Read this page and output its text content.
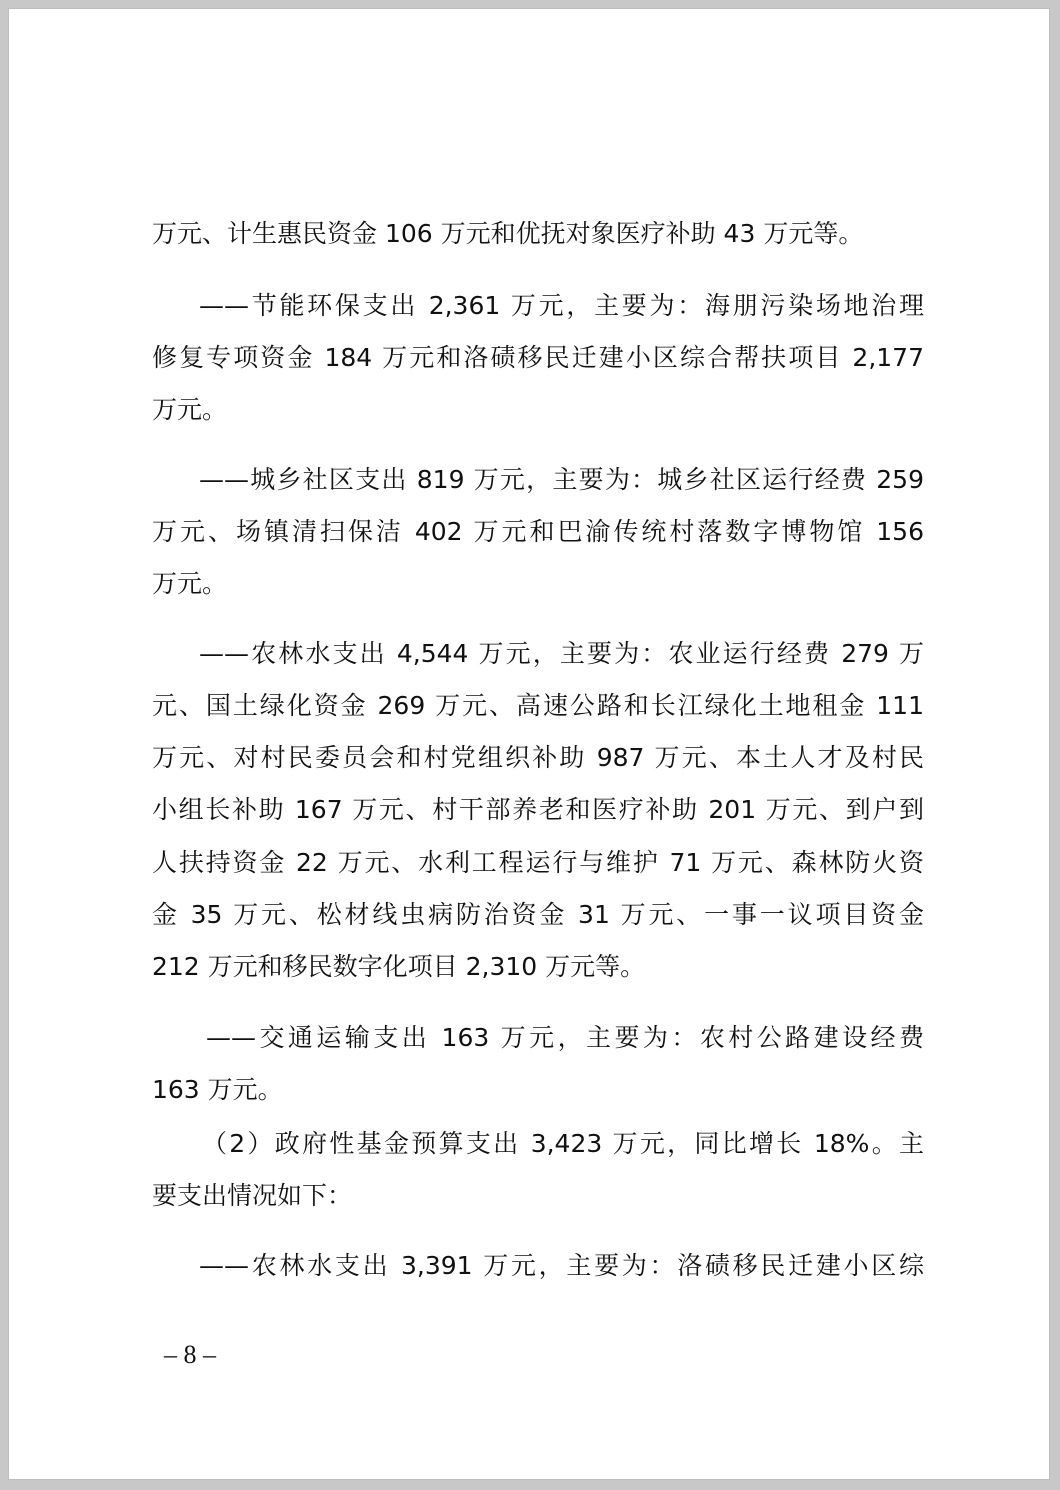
万元、计生惠民资金 106 万元和优抚对象医疗补助 43 万元等。
——节能环保支出 2,361 万元，主要为：海朋污染场地治理
修复专项资金 184 万元和洛碛移民迁建小区综合帮扶项目 2,177
万元。
——城乡社区支出 819 万元，主要为：城乡社区运行经费 259
万元、场镇清扫保洁 402 万元和巴渝传统村落数字博物馆 156
万元。
——农林水支出 4,544 万元，主要为：农业运行经费 279 万
元、国土绿化资金 269 万元、高速公路和长江绿化土地租金 111
万元、对村民委员会和村党组织补助 987 万元、本土人才及村民
小组长补助 167 万元、村干部养老和医疗补助 201 万元、到户到
人扶持资金 22 万元、水利工程运行与维护 71 万元、森林防火资
金 35 万元、松材线虫病防治资金 31 万元、一事一议项目资金
212 万元和移民数字化项目 2,310 万元等。
——交通运输支出 163 万元，主要为：农村公路建设经费
163 万元。
（2）政府性基金预算支出 3,423 万元，同比增长 18%。主
要支出情况如下：
——农林水支出 3,391 万元，主要为：洛碛移民迁建小区综
– 8 –
